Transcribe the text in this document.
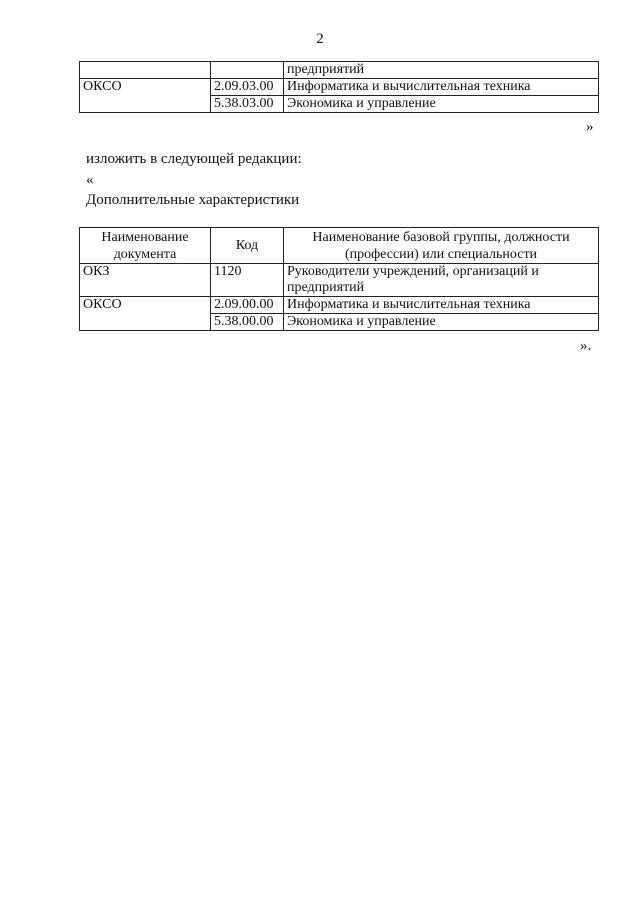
2
		предприятий
ОКСО	2.09.03.00	Информатика и вычислительная техника
	5.38.03.00	Экономика и управление
»
изложить в следующей редакции:
«
Дополнительные характеристики
Наименование документа	Код	Наименование базовой группы, должности (профессии) или специальности
ОКЗ	1120	Руководители учреждений, организаций и предприятий
ОКСО	2.09.00.00	Информатика и вычислительная техника
	5.38.00.00	Экономика и управление
».
